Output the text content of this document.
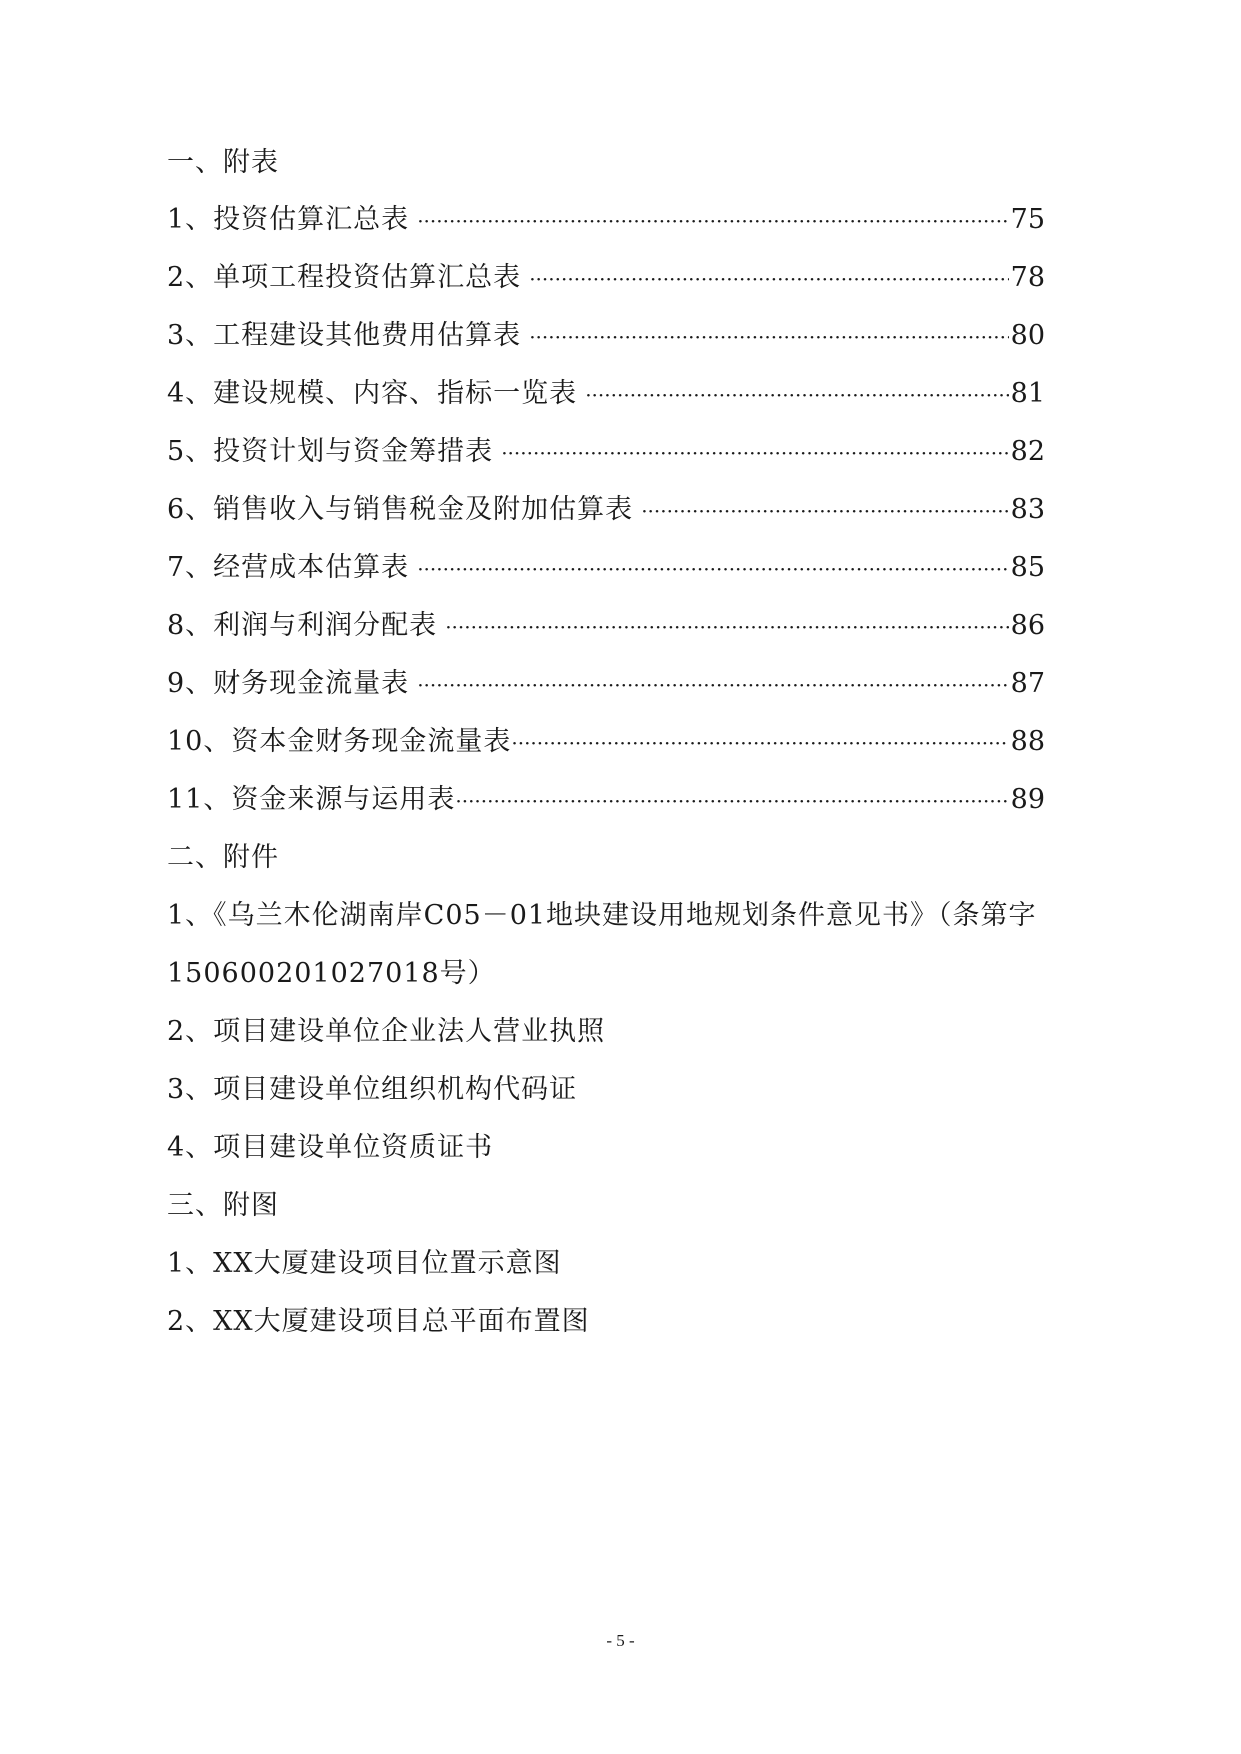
一、附表
1、投资估算汇总表 ·····	75
2、单项工程投资估算汇总表 ·····	78
3、工程建设其他费用估算表 ·····	80
4、建设规模、内容、指标一览表 ·····	81
5、投资计划与资金筹措表 ·····	82
6、销售收入与销售税金及附加估算表 ·····	83
7、经营成本估算表 ·····	85
8、利润与利润分配表 ·····	86
9、财务现金流量表 ·····	87
10、资本金财务现金流量表 ·····	88
11、资金来源与运用表 ·····	89
二、附件
1、《乌兰木伦湖南岸C05－01地块建设用地规划条件意见书》（条第字
150600201027018号）
2、项目建设单位企业法人营业执照
3、项目建设单位组织机构代码证
4、项目建设单位资质证书
三、附图
1、XX大厦建设项目位置示意图
2、XX大厦建设项目总平面布置图
- 5 -
